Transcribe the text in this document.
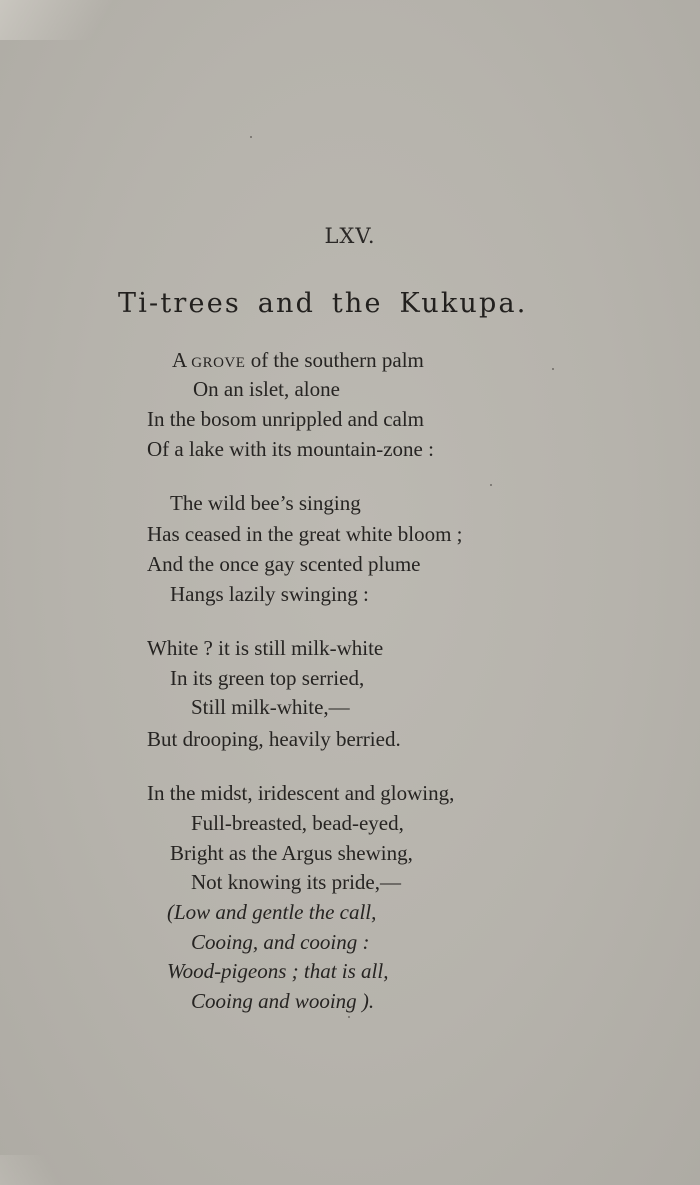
LXV.
Ti-trees and the Kukupa.
A grove of the southern palm
On an islet, alone
In the bosom unrippled and calm
Of a lake with its mountain-zone :
The wild bee’s singing
Has ceased in the great white bloom ;
And the once gay scented plume
Hangs lazily swinging :
White ? it is still milk-white
In its green top serried,
Still milk-white,—
But drooping, heavily berried.
In the midst, iridescent and glowing,
Full-breasted, bead-eyed,
Bright as the Argus shewing,
Not knowing its pride,—
(Low and gentle the call,
Cooing, and cooing :
Wood-pigeons ; that is all,
Cooing and wooing ).
